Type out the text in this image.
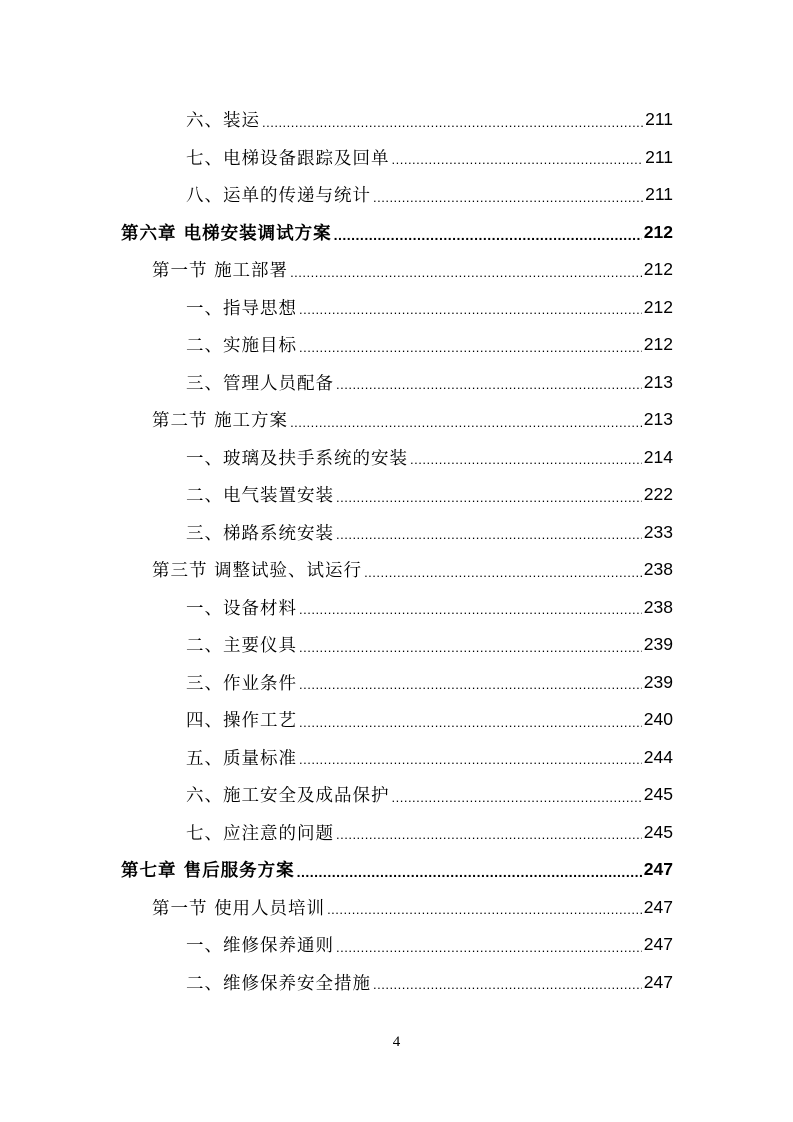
六、装运 .....	211
七、电梯设备跟踪及回单 .....	211
八、运单的传递与统计 .....	211
第六章 电梯安装调试方案 .....	212
第一节 施工部署 .....	212
一、指导思想 .....	212
二、实施目标 .....	212
三、管理人员配备 .....	213
第二节 施工方案 .....	213
一、玻璃及扶手系统的安装 .....	214
二、电气装置安装 .....	222
三、梯路系统安装 .....	233
第三节 调整试验、试运行 .....	238
一、设备材料 .....	238
二、主要仪具 .....	239
三、作业条件 .....	239
四、操作工艺 .....	240
五、质量标准 .....	244
六、施工安全及成品保护 .....	245
七、应注意的问题 .....	245
第七章 售后服务方案 .....	247
第一节 使用人员培训 .....	247
一、维修保养通则 .....	247
二、维修保养安全措施 .....	247
4
